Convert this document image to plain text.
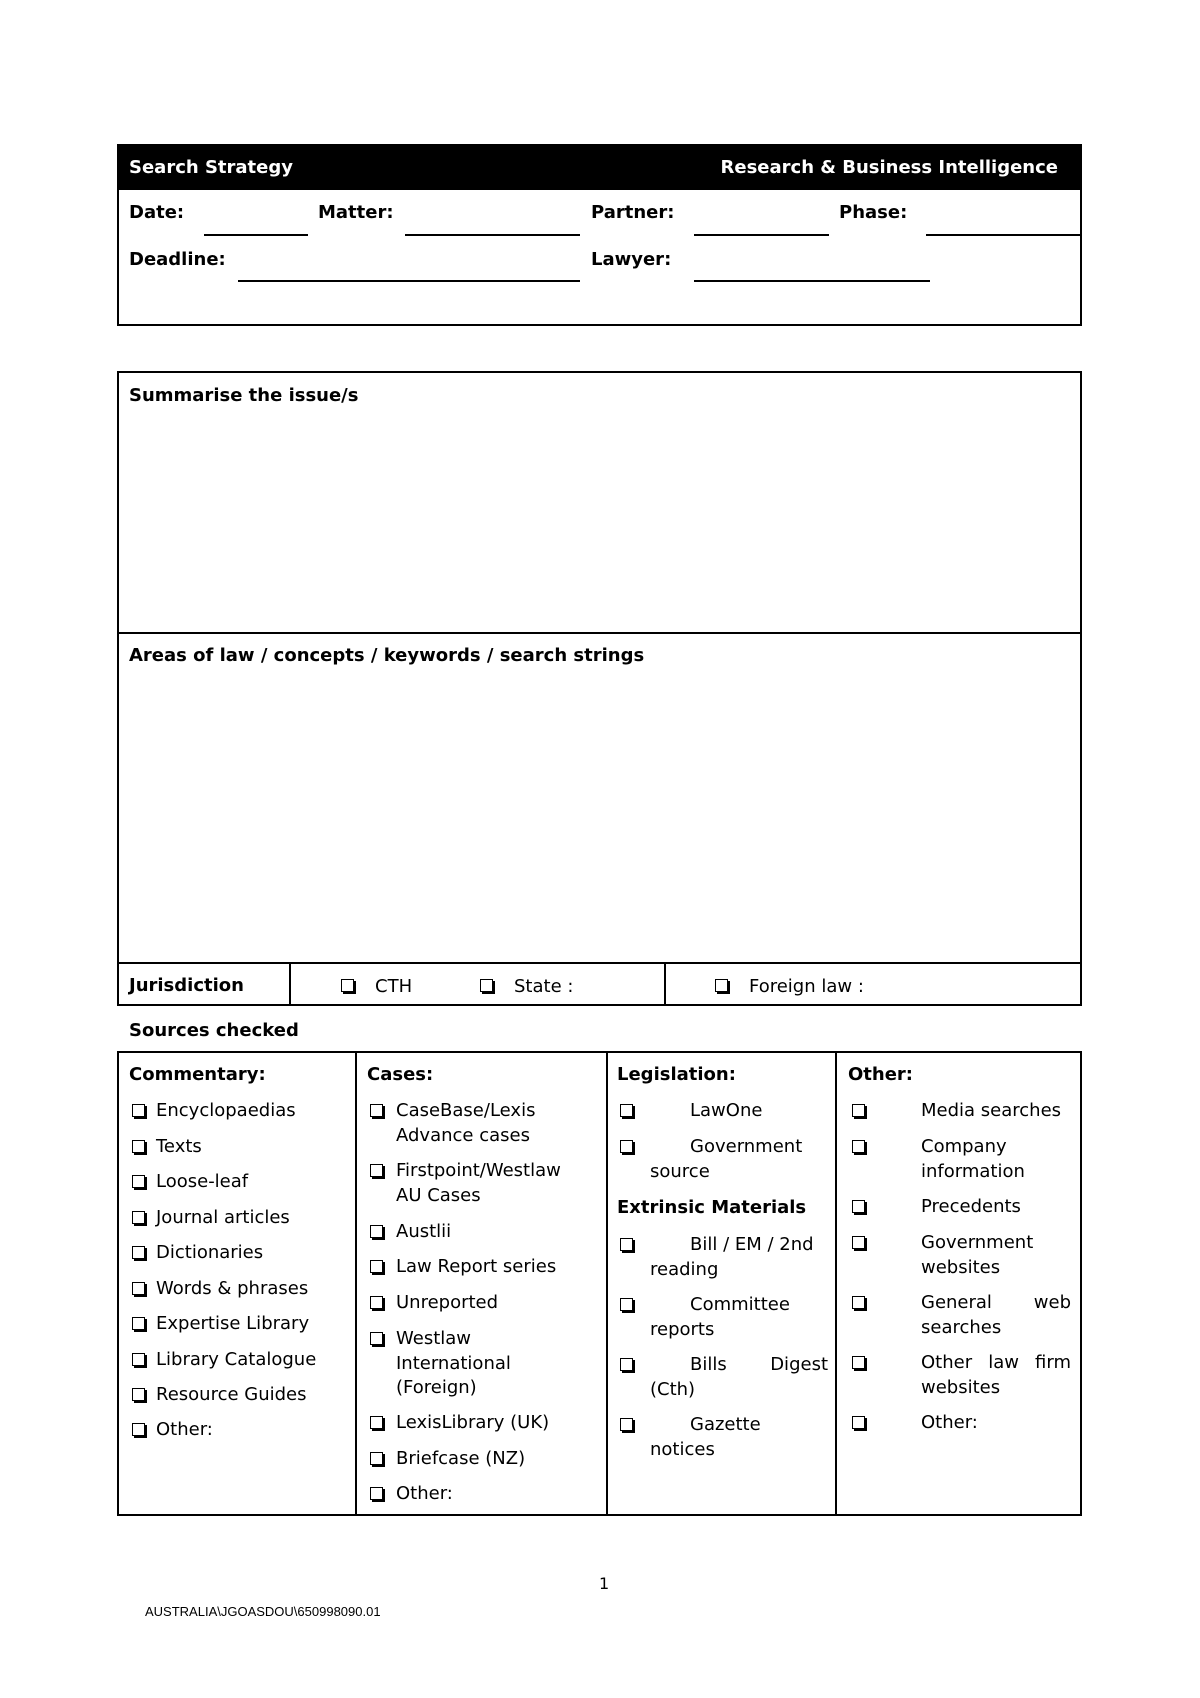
Search Strategy	Research & Business Intelligence
Date:	Matter:	Partner:	Phase:
Deadline:	Lawyer:
Summarise the issue/s
Areas of law / concepts / keywords / search strings
Jurisdiction	CTH	State :	Foreign law :
Sources checked
Commentary:
Encyclopaedias
Texts
Loose-leaf
Journal articles
Dictionaries
Words & phrases
Expertise Library
Library Catalogue
Resource Guides
Other:
Cases:
CaseBase/Lexis
Advance cases
Firstpoint/Westlaw
AU Cases
Austlii
Law Report series
Unreported
Westlaw
International
(Foreign)
LexisLibrary (UK)
Briefcase (NZ)
Other:
Legislation:
LawOne
Government
source
Extrinsic Materials
Bill / EM / 2nd
reading
Committee
reports
Bills Digest
(Cth)
Gazette
notices
Other:
Media searches
Company
information
Precedents
Government
websites
General web
searches
Other law firm
websites
Other:
1
AUSTRALIA\JGOASDOU\650998090.01
